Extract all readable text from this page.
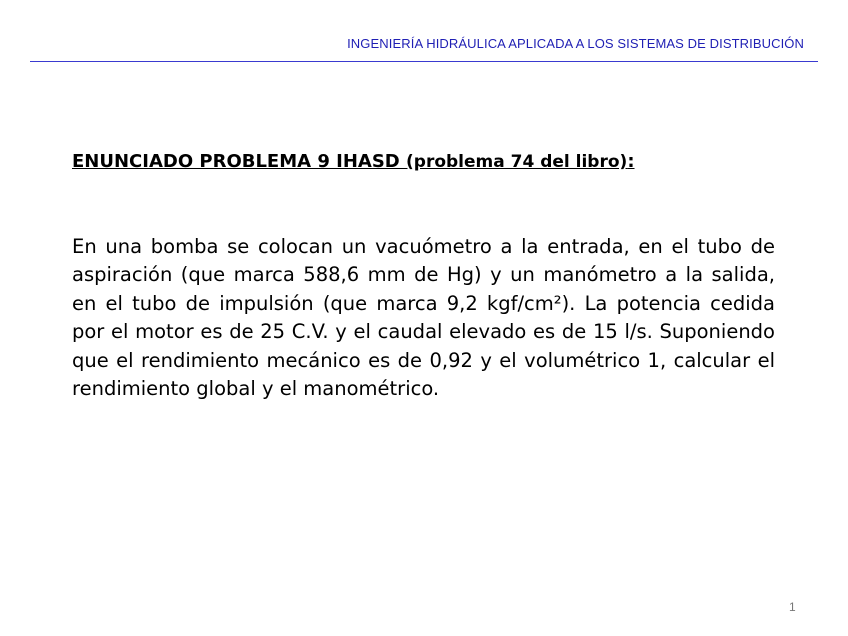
INGENIERÍA HIDRÁULICA APLICADA A LOS SISTEMAS DE DISTRIBUCIÓN
ENUNCIADO PROBLEMA 9 IHASD (problema 74 del libro):
En una bomba se colocan un vacuómetro a la entrada, en el tubo de aspiración (que marca 588,6 mm de Hg) y un manómetro a la salida, en el tubo de impulsión (que marca 9,2 kgf/cm²). La potencia cedida por el motor es de 25 C.V. y el caudal elevado es de 15 l/s. Suponiendo que el rendimiento mecánico es de 0,92 y el volumétrico 1, calcular el rendimiento global y el manométrico.
1
